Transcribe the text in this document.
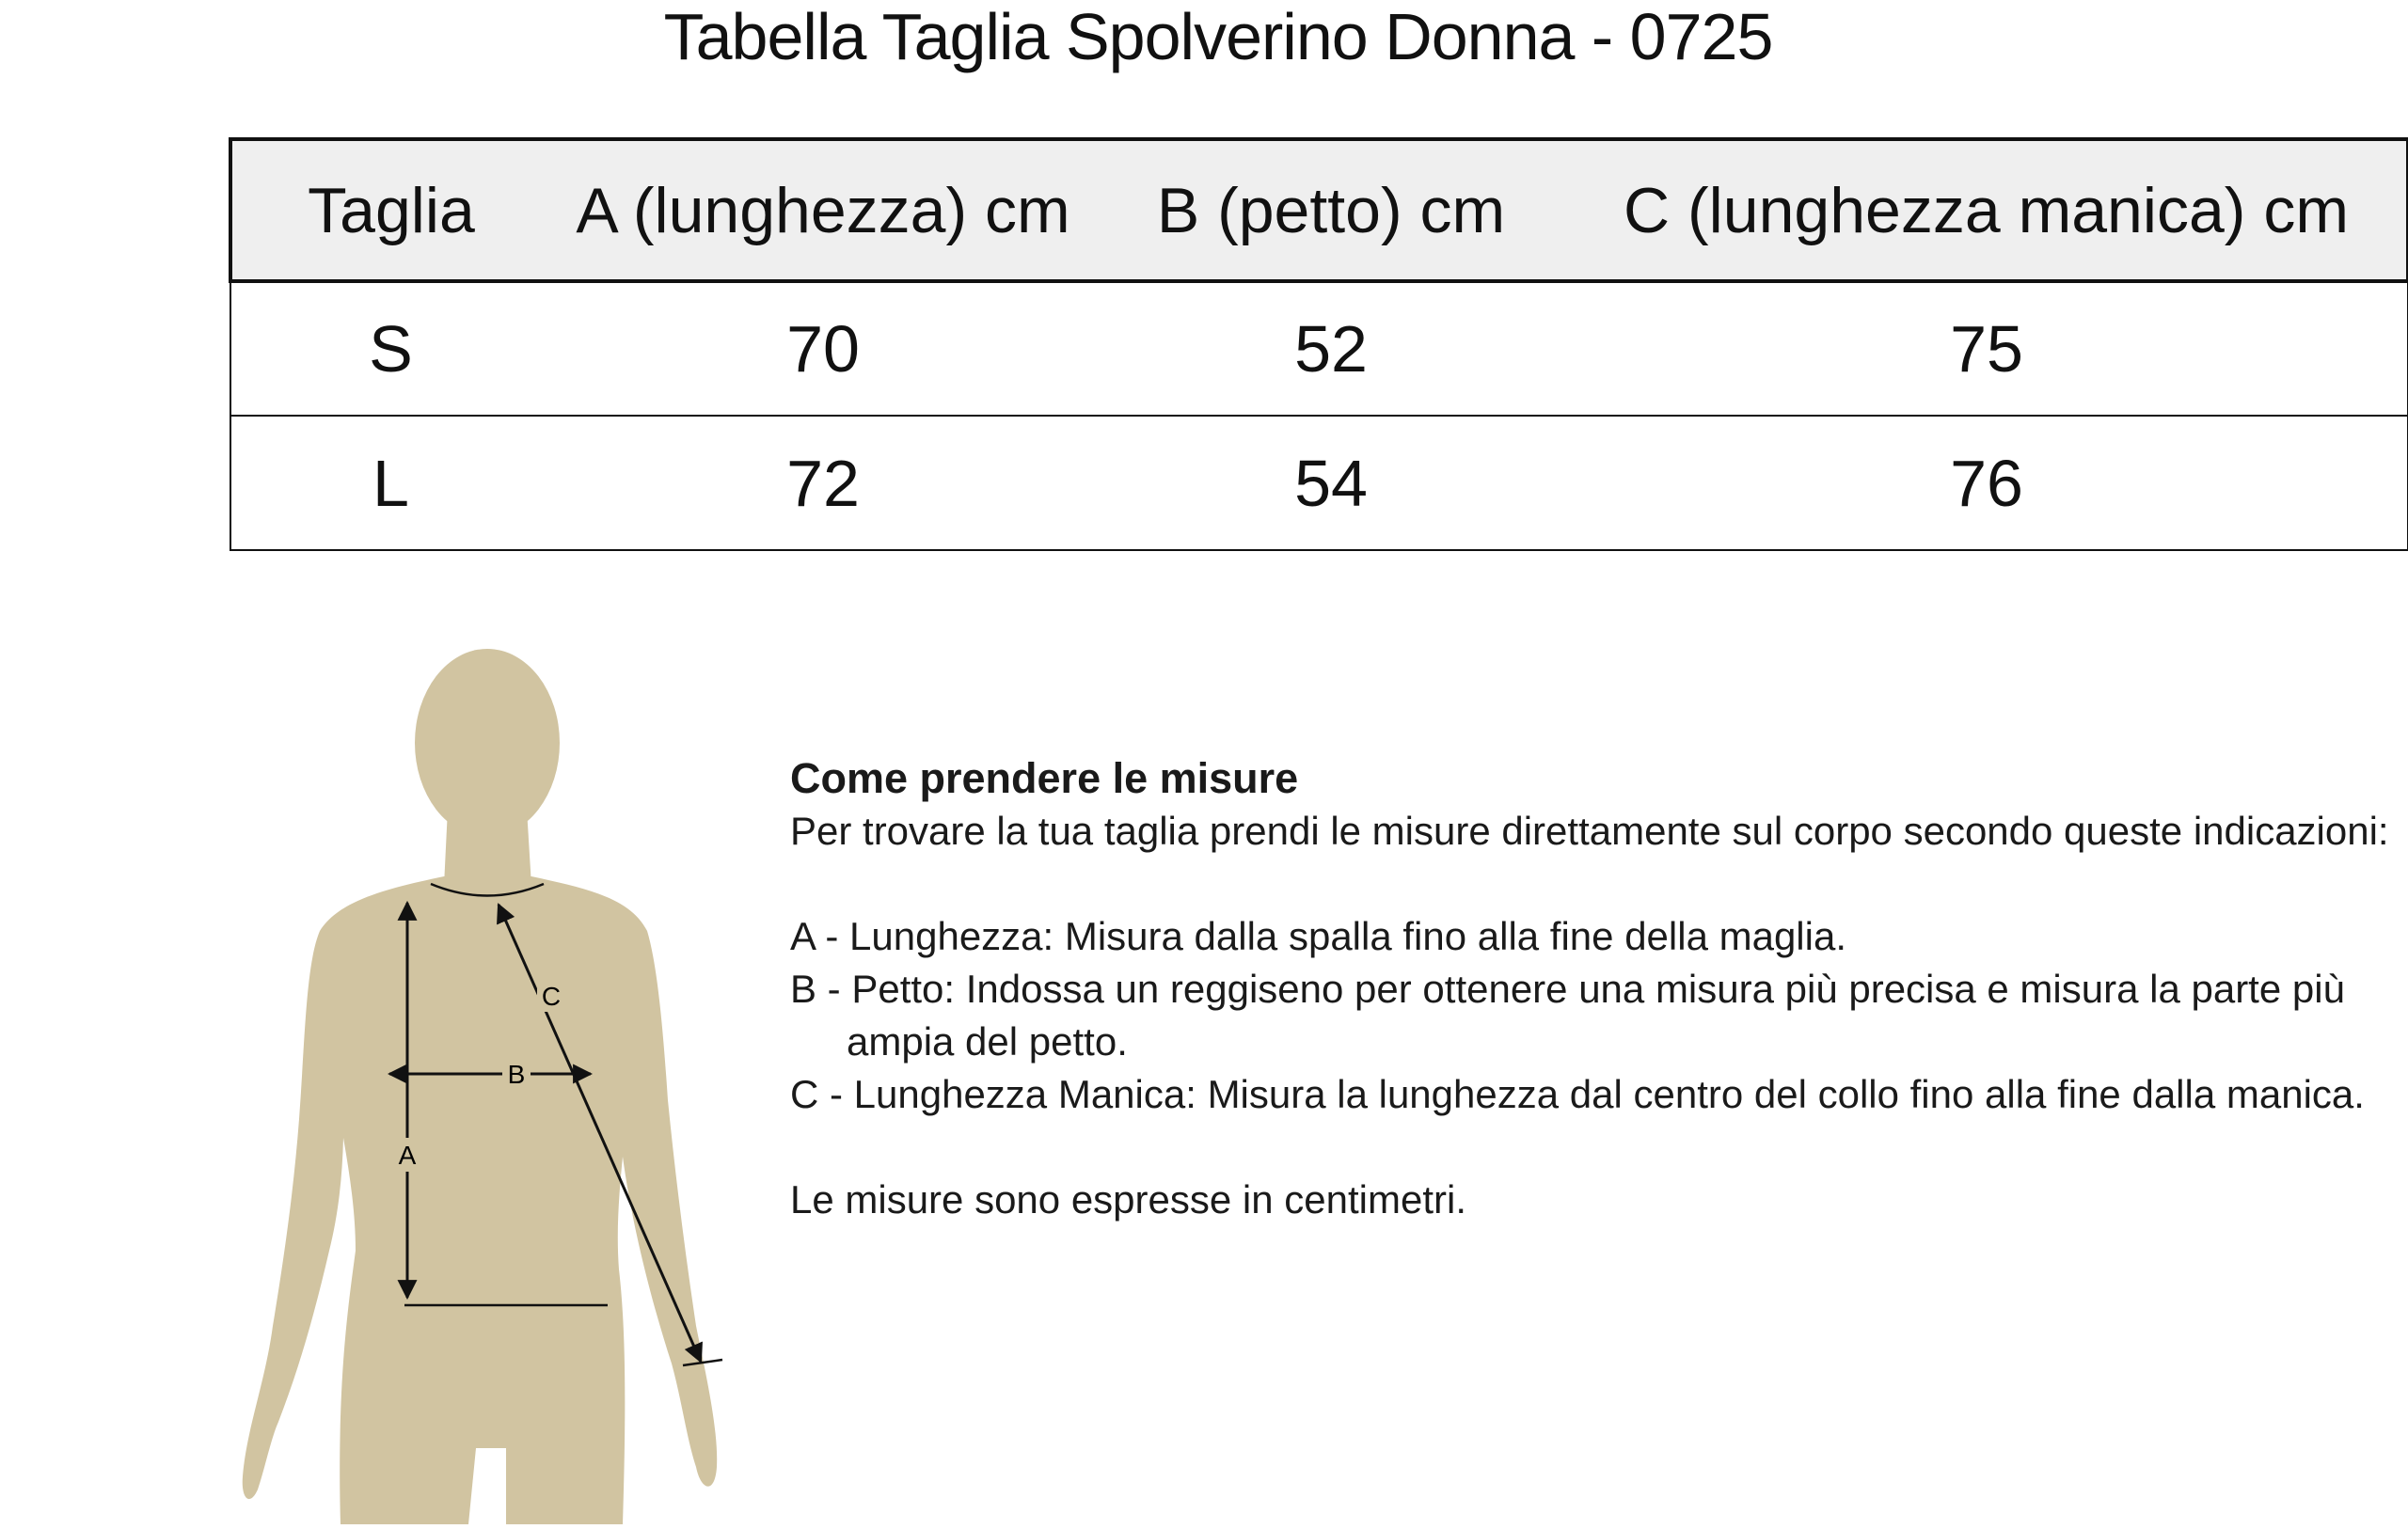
Tabella Taglia Spolverino Donna - 0725
Taglia	A (lunghezza) cm	B (petto) cm	C (lunghezza manica) cm
S	70	52	75
L	72	54	76
A
B
C

Come prendere le misure

Per trovare la tua taglia prendi le misure direttamente sul corpo secondo queste indicazioni:

A - Lunghezza: Misura dalla spalla fino alla fine della maglia.

B - Petto: Indossa un reggiseno per ottenere una misura più precisa e misura la parte più ampia del petto.

C - Lunghezza Manica: Misura la lunghezza dal centro del collo fino alla fine dalla manica.

Le misure sono espresse in centimetri.
